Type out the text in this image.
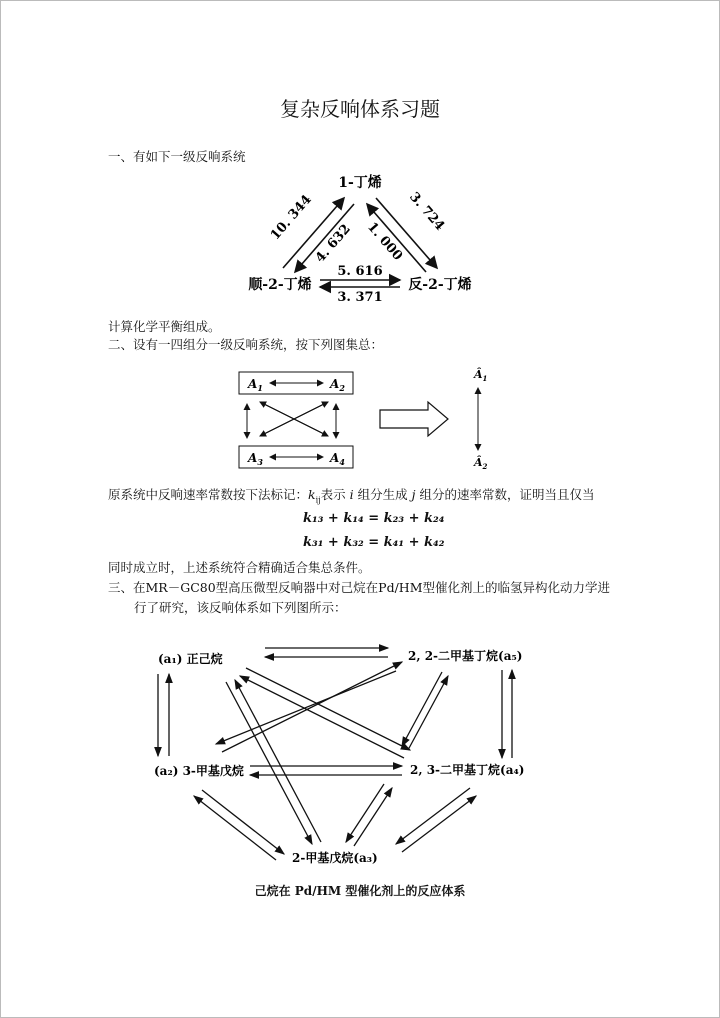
复杂反响体系习题
一、有如下一级反响系统
1-丁烯
顺-2-丁烯	反-2-丁烯
10. 344
4. 632
3. 724
1. 000
5. 616
3. 371
计算化学平衡组成。
二、设有一四组分一级反响系统，按下列图集总：
$A_1$	$A_2$
$A_3$	$A_4$
$Â_1$
$Â_2$
原系统中反响速率常数按下法标记：$k_{ij}$表示 i 组分生成 j 组分的速率常数，证明当且仅当
k₁₃ + k₁₄ = k₂₃ + k₂₄
k₃₁ + k₃₂ = k₄₁ + k₄₂
同时成立时，上述系统符合精确适合集总条件。
三、在MR－GC80型高压微型反响器中对己烷在Pd/HM型催化剂上的临氢异构化动力学进
行了研究，该反响体系如下列图所示：
(a₁) 正己烷	2, 2-二甲基丁烷(a₅)
(a₂) 3-甲基戊烷	2, 3-二甲基丁烷(a₄)
2-甲基戊烷(a₃)
己烷在 Pd/HM 型催化剂上的反应体系
